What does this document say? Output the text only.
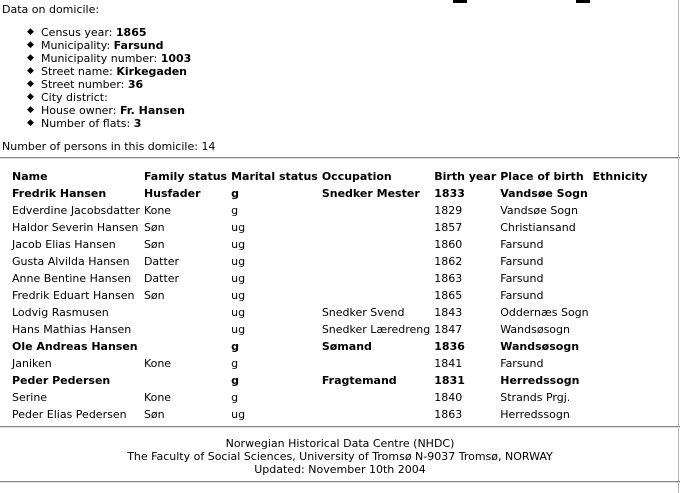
Data on domicile:
◆ Census year: 1865
◆ Municipality: Farsund
◆ Municipality number: 1003
◆ Street name: Kirkegaden
◆ Street number: 36
◆ City district:
◆ House owner: Fr. Hansen
◆ Number of flats: 3
Number of persons in this domicile: 14
Name	Family status	Marital status	Occupation	Birth year	Place of birth	Ethnicity
Fredrik Hansen	Husfader	g	Snedker Mester	1833	Vandsøe Sogn	
Edverdine Jacobsdatter	Kone	g		1829	Vandsøe Sogn	
Haldor Severin Hansen	Søn	ug		1857	Christiansand	
Jacob Elias Hansen	Søn	ug		1860	Farsund	
Gusta Alvilda Hansen	Datter	ug		1862	Farsund	
Anne Bentine Hansen	Datter	ug		1863	Farsund	
Fredrik Eduart Hansen	Søn	ug		1865	Farsund	
Lodvig Rasmusen		ug	Snedker Svend	1843	Oddernæs Sogn	
Hans Mathias Hansen		ug	Snedker Læredreng	1847	Wandsøsogn	
Ole Andreas Hansen		g	Sømand	1836	Wandsøsogn	
Janiken	Kone	g		1841	Farsund	
Peder Pedersen		g	Fragtemand	1831	Herredssogn	
Serine	Kone	g		1840	Strands Prgj.	
Peder Elias Pedersen	Søn	ug		1863	Herredssogn	
Norwegian Historical Data Centre (NHDC)
The Faculty of Social Sciences, University of Tromsø N-9037 Tromsø, NORWAY
Updated: November 10th 2004
